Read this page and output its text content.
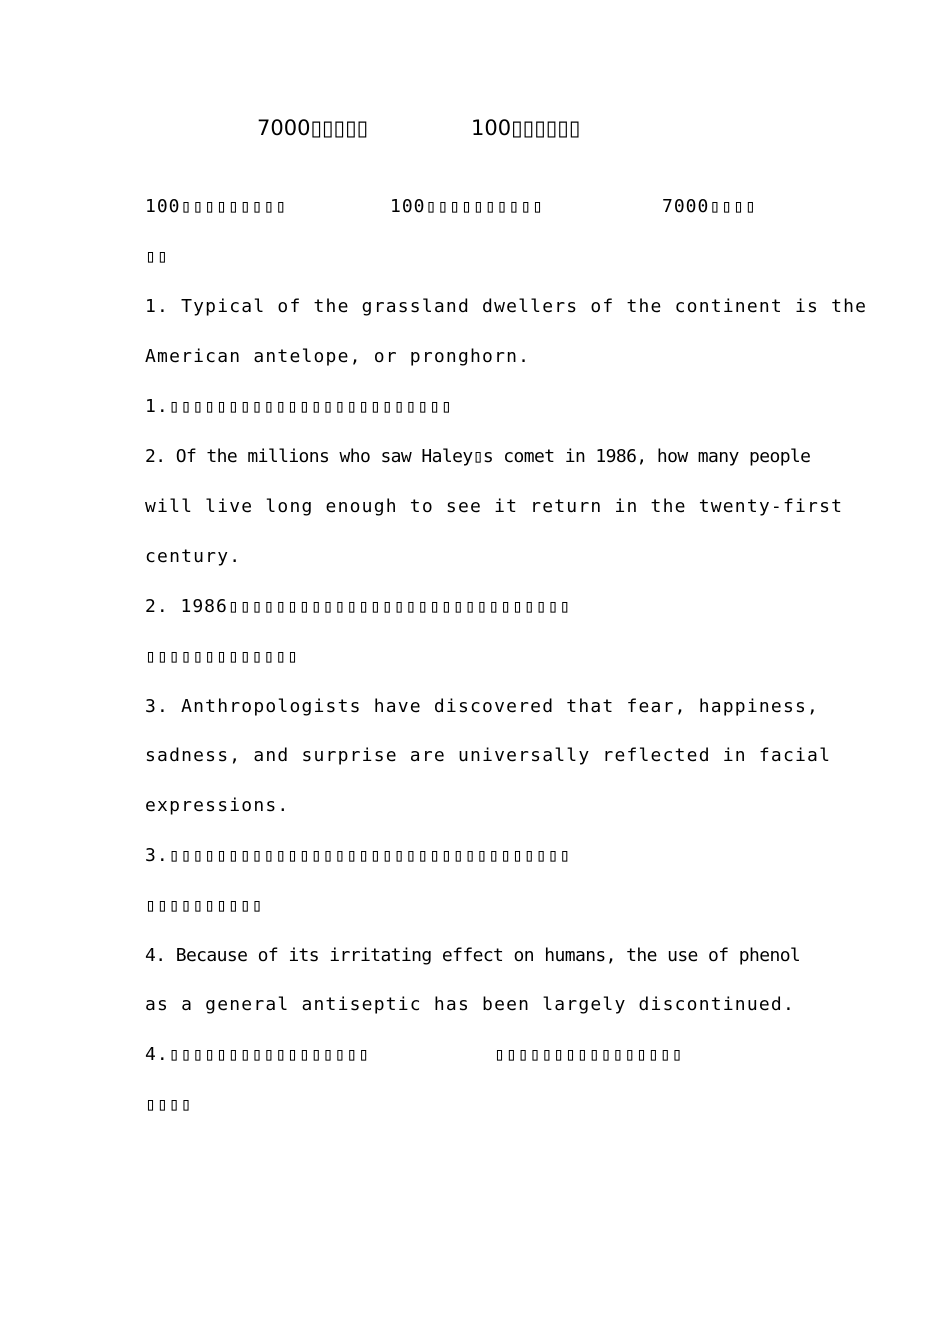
7000▯▯▯▯▯	100▯▯▯▯▯▯

100▯▯▯▯▯▯▯▯▯

	100▯▯▯▯▯▯▯▯▯▯

	7000▯▯▯▯

▯▯
1. Typical of the grassland dwellers of the continent is the
American antelope, or pronghorn.
1.▯▯▯▯▯▯▯▯▯▯▯▯▯▯▯▯▯▯▯▯▯▯▯▯
2. Of the millions who saw Haley▯s comet in 1986, how many people
will live long enough to see it return in the twenty-first
century.
2. 1986▯▯▯▯▯▯▯▯▯▯▯▯▯▯▯▯▯▯▯▯▯▯▯▯▯▯▯▯▯
▯▯▯▯▯▯▯▯▯▯▯▯▯
3. Anthropologists have discovered that fear, happiness,
sadness, and surprise are universally reflected in facial
expressions.
3.▯▯▯▯▯▯▯▯▯▯▯▯▯▯▯▯▯▯▯▯▯▯▯▯▯▯▯▯▯▯▯▯▯▯
▯▯▯▯▯▯▯▯▯▯
4. Because of its irritating effect on humans, the use of phenol
as a general antiseptic has been largely discontinued.

4.▯▯▯▯▯▯▯▯▯▯▯▯▯▯▯▯▯

	▯▯▯▯▯▯▯▯▯▯▯▯▯▯▯▯

▯▯▯▯
